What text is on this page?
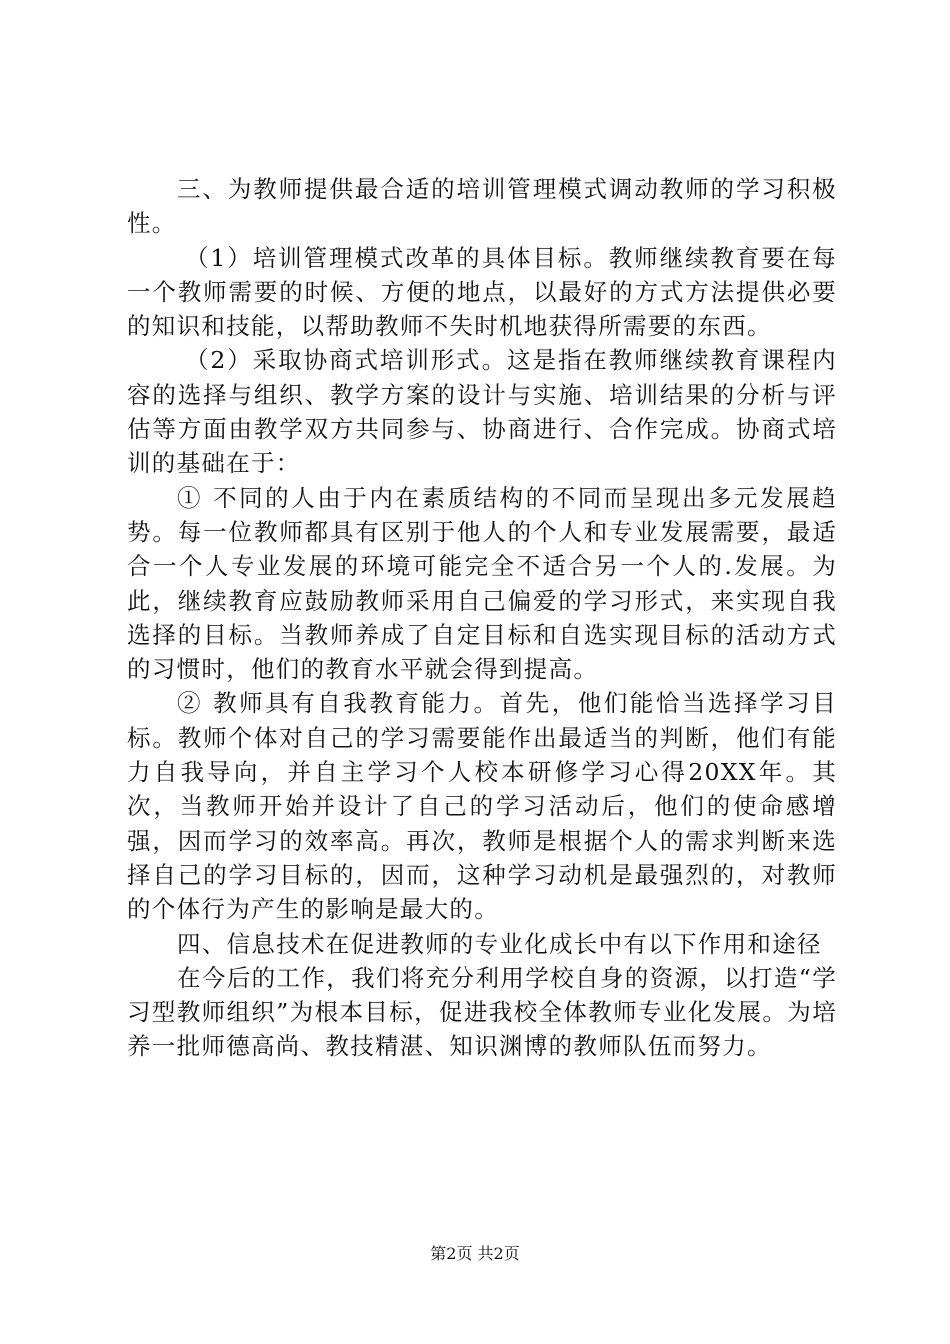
三、为教师提供最合适的培训管理模式调动教师的学习积极性。

（1）培训管理模式改革的具体目标。教师继续教育要在每一个教师需要的时候、方便的地点，以最好的方式方法提供必要的知识和技能，以帮助教师不失时机地获得所需要的东西。

（2）采取协商式培训形式。这是指在教师继续教育课程内容的选择与组织、教学方案的设计与实施、培训结果的分析与评估等方面由教学双方共同参与、协商进行、合作完成。协商式培训的基础在于：

① 不同的人由于内在素质结构的不同而呈现出多元发展趋势。每一位教师都具有区别于他人的个人和专业发展需要，最适合一个人专业发展的环境可能完全不适合另一个人的.发展。为此，继续教育应鼓励教师采用自己偏爱的学习形式，来实现自我选择的目标。当教师养成了自定目标和自选实现目标的活动方式的习惯时，他们的教育水平就会得到提高。

② 教师具有自我教育能力。首先，他们能恰当选择学习目标。教师个体对自己的学习需要能作出最适当的判断，他们有能力自我导向，并自主学习个人校本研修学习心得20XX年。其次，当教师开始并设计了自己的学习活动后，他们的使命感增强，因而学习的效率高。再次，教师是根据个人的需求判断来选择自己的学习目标的，因而，这种学习动机是最强烈的，对教师的个体行为产生的影响是最大的。

四、信息技术在促进教师的专业化成长中有以下作用和途径

在今后的工作，我们将充分利用学校自身的资源，以打造“学习型教师组织”为根本目标，促进我校全体教师专业化发展。为培养一批师德高尚、教技精湛、知识渊博的教师队伍而努力。

第2页 共2页
